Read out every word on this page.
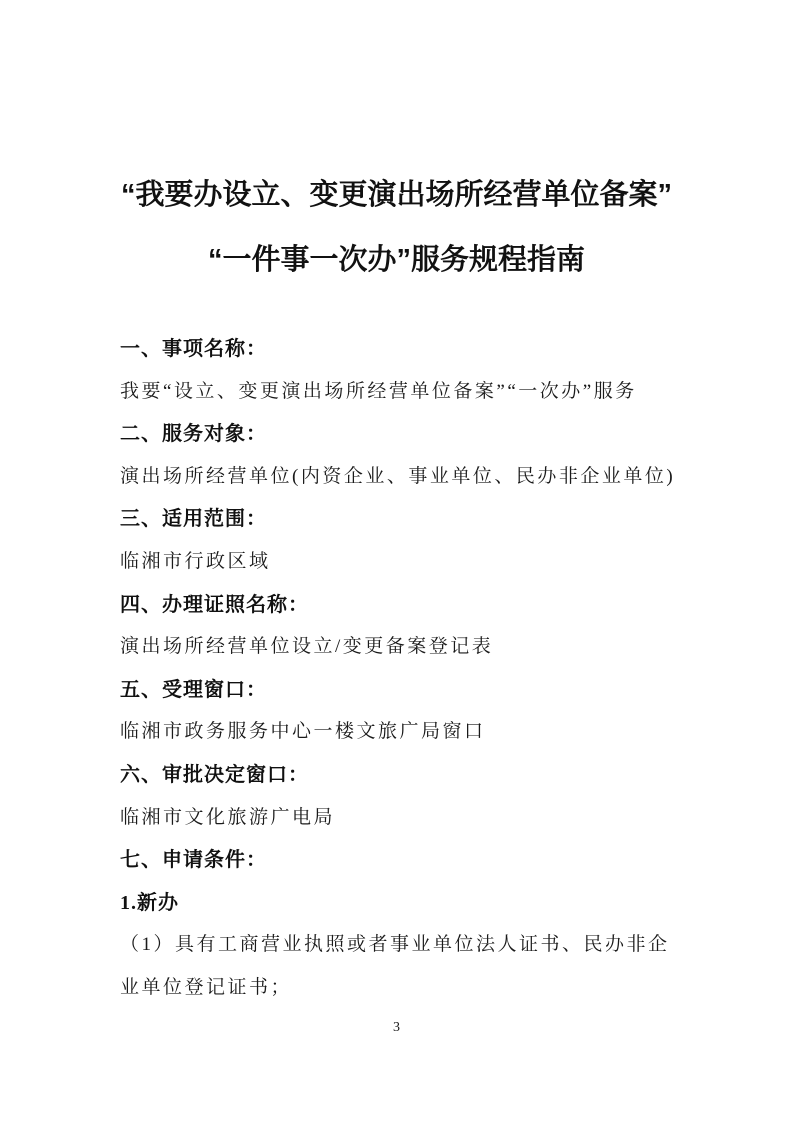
“我要办设立、变更演出场所经营单位备案”
“一件事一次办”服务规程指南
一、事项名称：
我要“设立、变更演出场所经营单位备案”“一次办”服务
二、服务对象：
演出场所经营单位(内资企业、事业单位、民办非企业单位)
三、适用范围：
临湘市行政区域
四、办理证照名称：
演出场所经营单位设立/变更备案登记表
五、受理窗口：
临湘市政务服务中心一楼文旅广局窗口
六、审批决定窗口：
临湘市文化旅游广电局
七、申请条件：
1.新办
（1）具有工商营业执照或者事业单位法人证书、民办非企
业单位登记证书；
3
